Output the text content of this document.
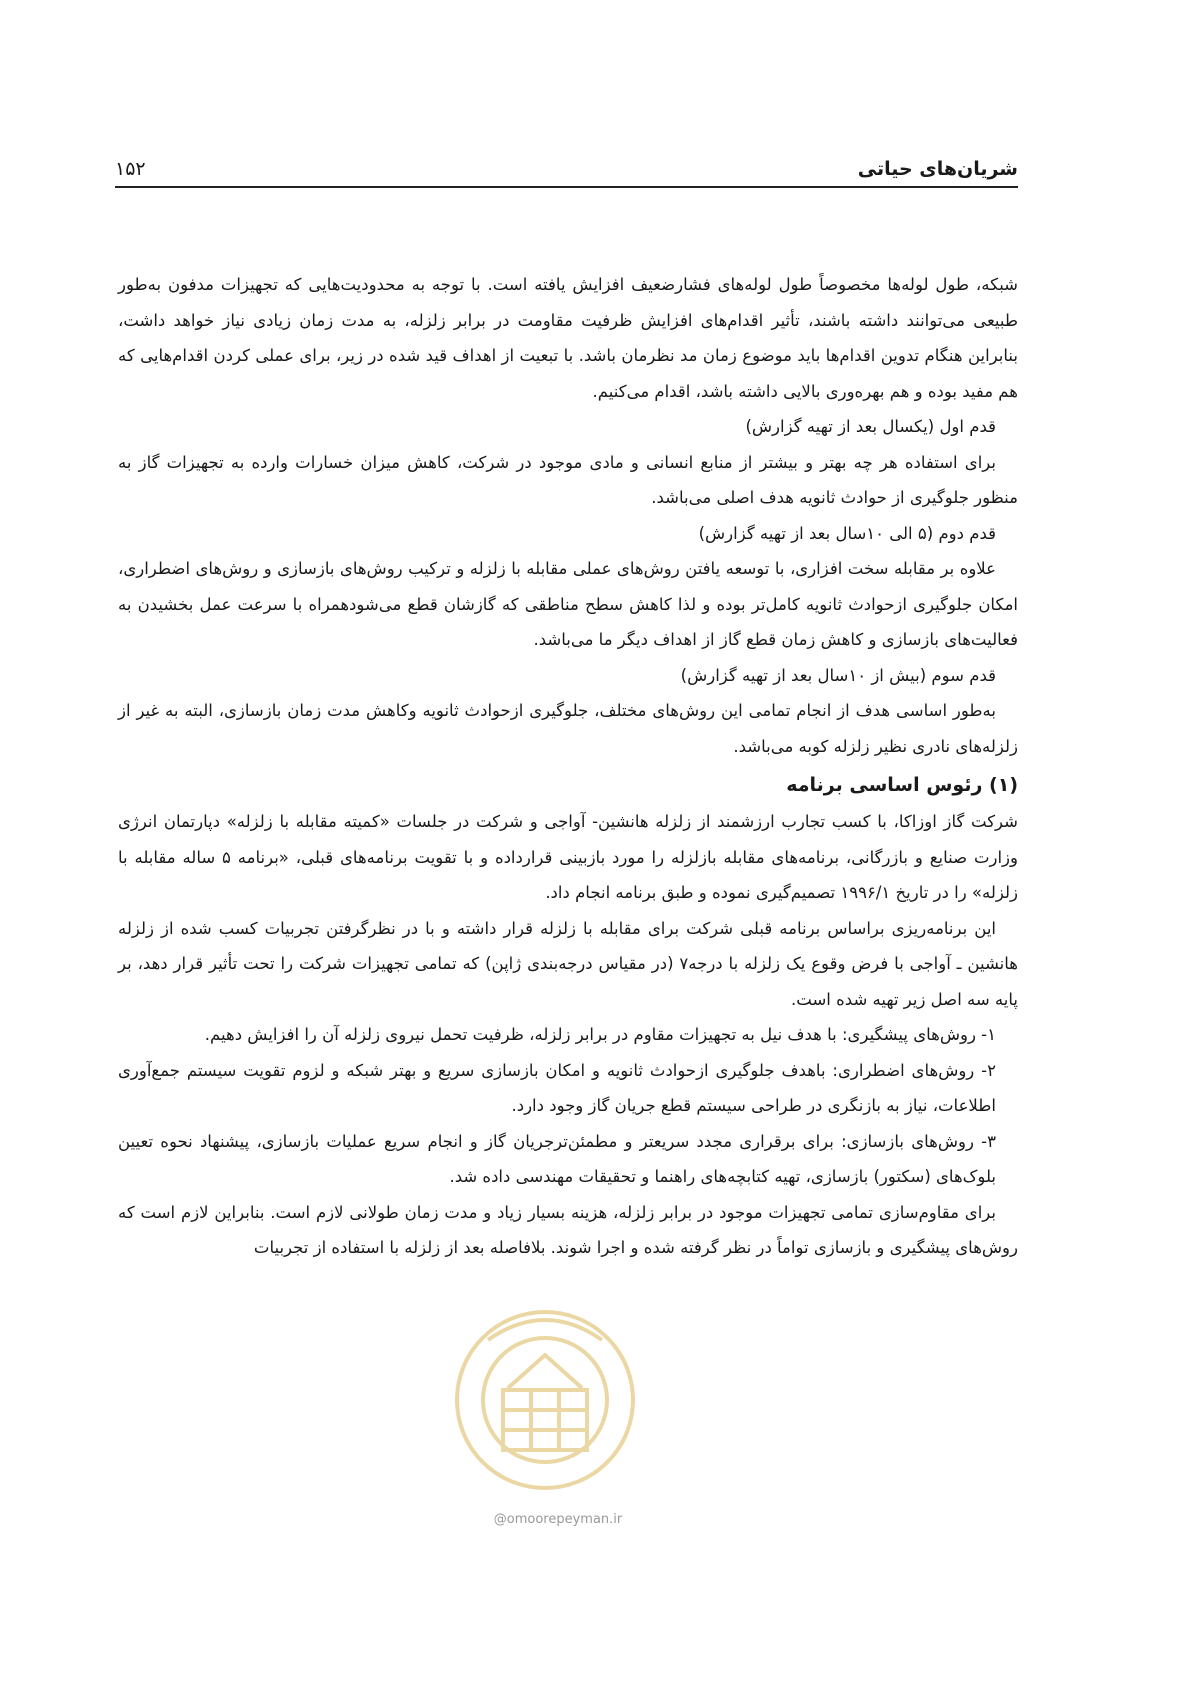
شریان‌های حیاتی
۱۵۲

شبکه، طول لوله‌ها مخصوصاً طول لوله‌های فشارضعیف افزایش یافته است. با توجه به محدودیت‌هایی که تجهیزات مدفون به‌طور طبیعی می‌توانند داشته باشند، تأثیر اقدام‌های افزایش ظرفیت مقاومت در برابر زلزله، به مدت زمان زیادی نیاز خواهد داشت، بنابراین هنگام تدوین اقدام‌ها باید موضوع زمان مد نظرمان باشد. با تبعیت از اهداف قید شده در زیر، برای عملی کردن اقدام‌هایی که هم مفید بوده و هم بهره‌وری بالایی داشته باشد، اقدام می‌کنیم.

قدم اول (یکسال بعد از تهیه گزارش)

برای استفاده هر چه بهتر و بیشتر از منابع انسانی و مادی موجود در شرکت، کاهش میزان خسارات وارده به تجهیزات گاز به منظور جلوگیری از حوادث ثانویه هدف اصلی می‌باشد.

قدم دوم (۵ الی ۱۰سال بعد از تهیه گزارش)

علاوه بر مقابله سخت افزاری، با توسعه یافتن روش‌های عملی مقابله با زلزله و ترکیب روش‌های بازسازی و روش‌های اضطراری، امکان جلوگیری ازحوادث ثانویه کامل‌تر بوده و لذا کاهش سطح مناطقی که گازشان قطع می‌شودهمراه با سرعت عمل بخشیدن به فعالیت‌های بازسازی و کاهش زمان قطع گاز از اهداف دیگر ما می‌باشد.

قدم سوم (بیش از ۱۰سال بعد از تهیه گزارش)

به‌طور اساسی هدف از انجام تمامی این روش‌های مختلف، جلوگیری ازحوادث ثانویه وکاهش مدت زمان بازسازی، البته به غیر از زلزله‌های نادری نظیر زلزله کوبه می‌باشد.

(۱) رئوس اساسی برنامه

شرکت گاز اوزاکا، با کسب تجارب ارزشمند از زلزله هانشین- آواجی و شرکت در جلسات «کمیته مقابله با زلزله» دپارتمان انرژی وزارت صنایع و بازرگانی، برنامه‌های مقابله بازلزله را مورد بازبینی قرارداده و با تقویت برنامه‌های قبلی، «برنامه ۵ ساله مقابله با زلزله» را در تاریخ ۱۹۹۶/۱ تصمیم‌گیری نموده و طبق برنامه انجام داد.

این برنامه‌ریزی براساس برنامه قبلی شرکت برای مقابله با زلزله قرار داشته و با در نظرگرفتن تجربیات کسب شده از زلزله هانشین ـ آواجی با فرض وقوع یک زلزله با درجه۷ (در مقیاس درجه‌بندی ژاپن) که تمامی تجهیزات شرکت را تحت تأثیر قرار دهد، بر پایه سه اصل زیر تهیه شده است.

۱- روش‌های پیشگیری: با هدف نیل به تجهیزات مقاوم در برابر زلزله، ظرفیت تحمل نیروی زلزله آن را افزایش دهیم.

۲- روش‌های اضطراری: باهدف جلوگیری ازحوادث ثانویه و امکان بازسازی سریع و بهتر شبکه و لزوم تقویت سیستم جمع‌آوری اطلاعات، نیاز به بازنگری در طراحی سیستم قطع جریان گاز وجود دارد.

۳- روش‌های بازسازی: برای برقراری مجدد سریعتر و مطمئن‌ترجریان گاز و انجام سریع عملیات بازسازی، پیشنهاد نحوه تعیین بلوک‌های (سکتور) بازسازی، تهیه کتابچه‌های راهنما و تحقیقات مهندسی داده شد.

برای مقاوم‌سازی تمامی تجهیزات موجود در برابر زلزله، هزینه بسیار زیاد و مدت زمان طولانی لازم است. بنابراین لازم است که روش‌های پیشگیری و بازسازی تواماً در نظر گرفته شده و اجرا شوند. بلافاصله بعد از زلزله با استفاده از تجربیات

@omoorepeyman.ir
